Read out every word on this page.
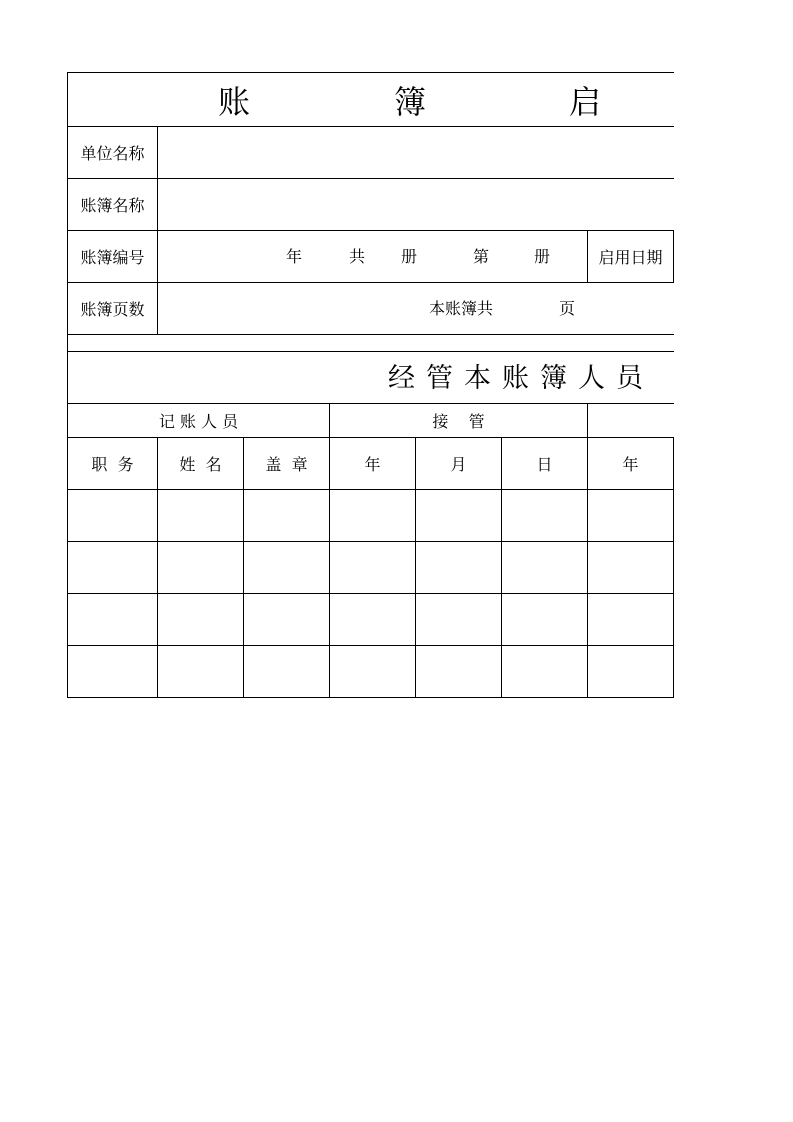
账	簿	启
单位名称
账簿名称
账簿编号	年	共 册	第	册	启用日期
账簿页数	本账簿共	页
经管本账簿人员
记 账 人 员	接    管
职  务	姓  名	盖  章	年	月	日	年
